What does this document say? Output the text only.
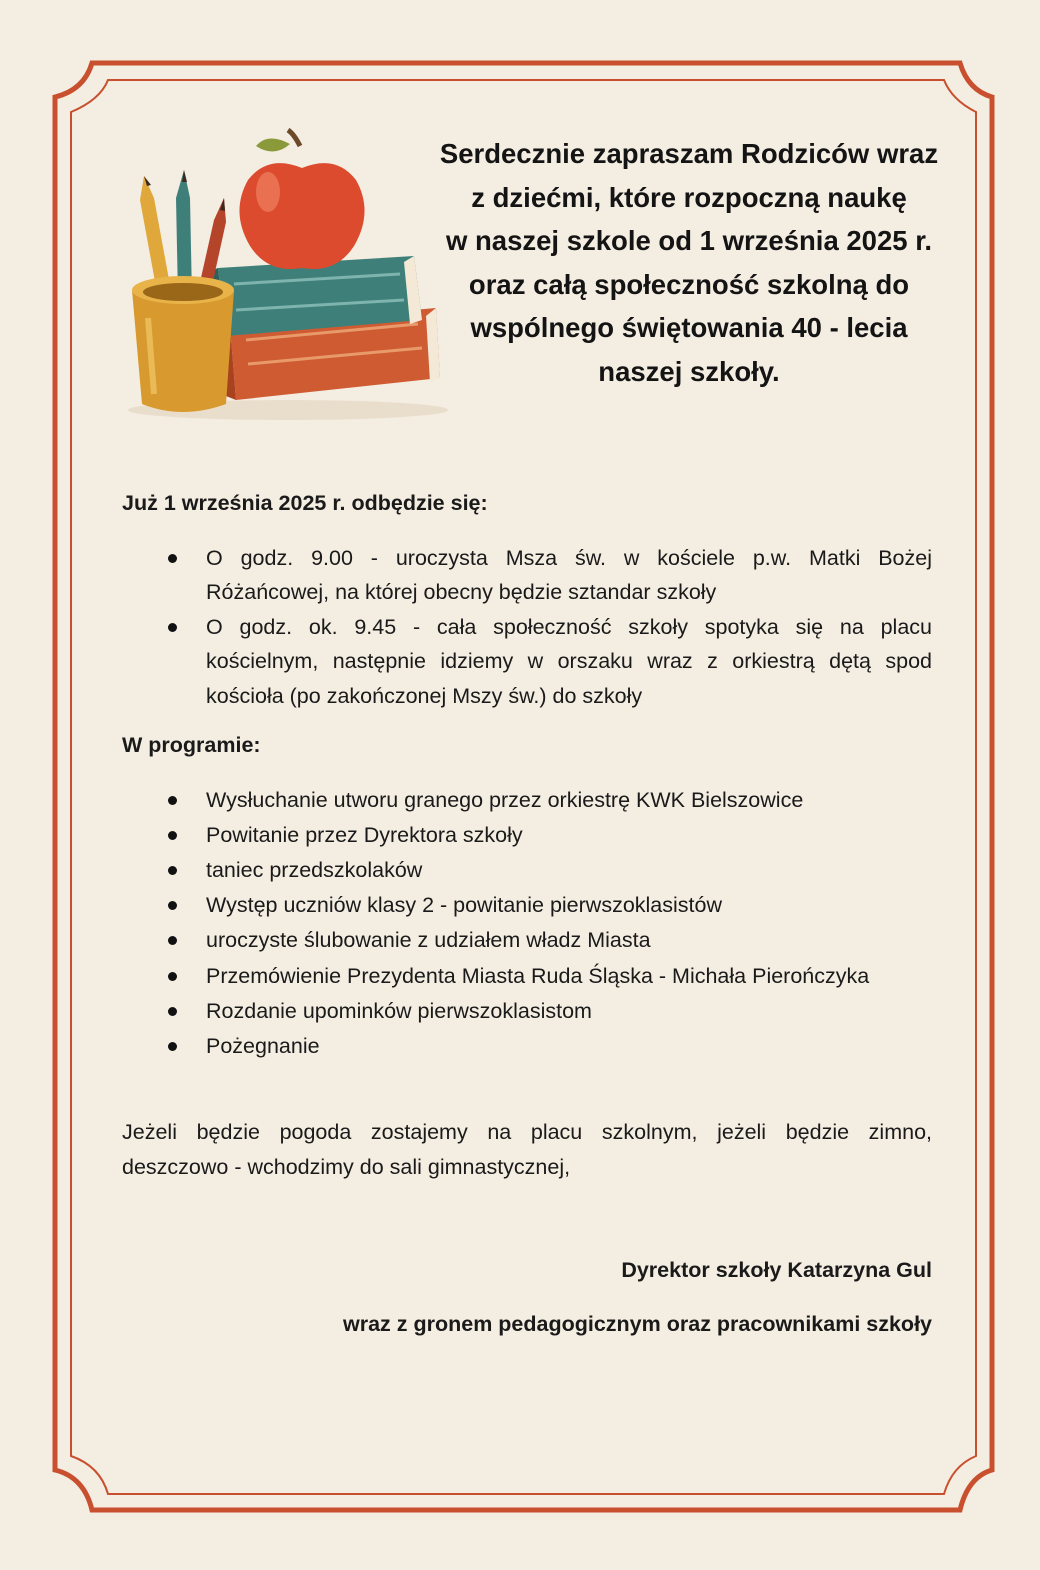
Serdecznie zapraszam Rodziców wraz
z dziećmi, które rozpoczną naukę
w naszej szkole od 1 września 2025 r.
oraz całą społeczność szkolną do
wspólnego świętowania 40 - lecia
naszej szkoły.
Już 1 września 2025 r. odbędzie się:
O godz. 9.00 - uroczysta Msza św. w kościele p.w. Matki Bożej
Różańcowej, na której obecny będzie sztandar szkoły
O godz. ok. 9.45 - cała społeczność szkoły spotyka się na placu
kościelnym, następnie idziemy w orszaku wraz z orkiestrą dętą spod
kościoła (po zakończonej Mszy św.) do szkoły
W programie:
Wysłuchanie utworu granego przez orkiestrę KWK Bielszowice
Powitanie przez Dyrektora szkoły
taniec przedszkolaków
Występ uczniów klasy 2 - powitanie pierwszoklasistów
uroczyste ślubowanie z udziałem władz Miasta
Przemówienie Prezydenta Miasta Ruda Śląska - Michała Pierończyka
Rozdanie upominków pierwszoklasistom
Pożegnanie
Jeżeli będzie pogoda zostajemy na placu szkolnym, jeżeli będzie zimno,
deszczowo - wchodzimy do sali gimnastycznej,
Dyrektor szkoły Katarzyna Gul
wraz z gronem pedagogicznym oraz pracownikami szkoły
